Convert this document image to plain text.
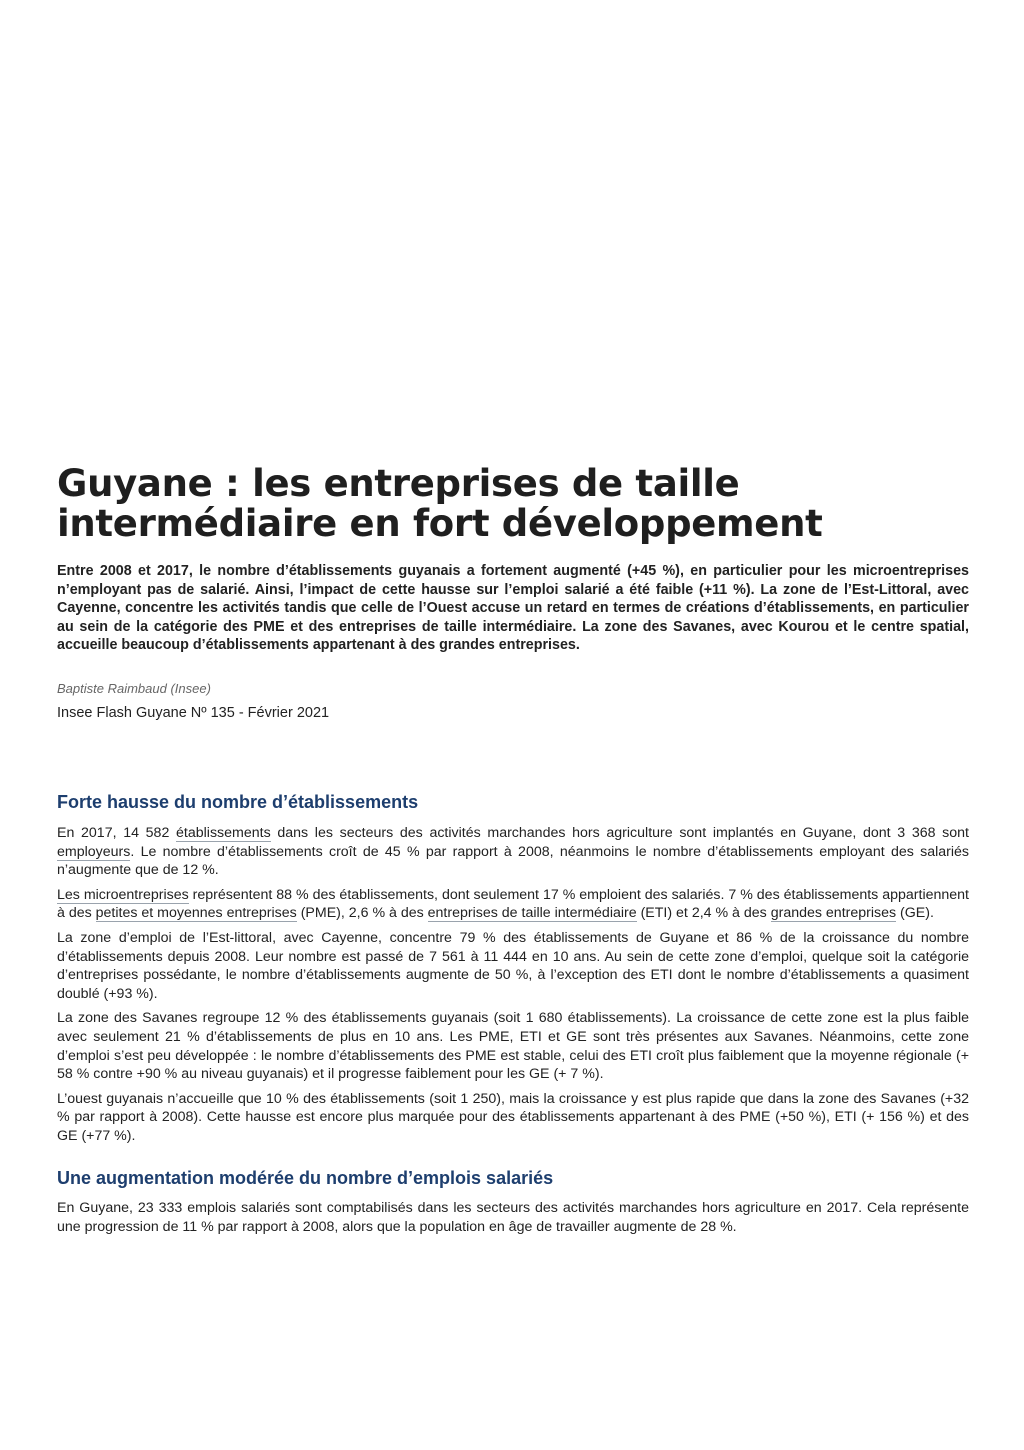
Guyane : les entreprises de taille intermédiaire en fort développement

Entre 2008 et 2017, le nombre d’établissements guyanais a fortement augmenté (+45 %), en particulier pour les microentreprises n’employant pas de salarié. Ainsi, l’impact de cette hausse sur l’emploi salarié a été faible (+11 %). La zone de l’Est-Littoral, avec Cayenne, concentre les activités tandis que celle de l’Ouest accuse un retard en termes de créations d’établissements, en particulier au sein de la catégorie des PME et des entreprises de taille intermédiaire. La zone des Savanes, avec Kourou et le centre spatial, accueille beaucoup d’établissements appartenant à des grandes entreprises.

Baptiste Raimbaud (Insee)
Insee Flash Guyane Nº 135 - Février 2021
Forte hausse du nombre d’établissements

En 2017, 14 582 établissements dans les secteurs des activités marchandes hors agriculture sont implantés en Guyane, dont 3 368 sont employeurs. Le nombre d’établissements croît de 45 % par rapport à 2008, néanmoins le nombre d’établissements employant des salariés n’augmente que de 12 %.

Les microentreprises représentent 88 % des établissements, dont seulement 17 % emploient des salariés. 7 % des établissements appartiennent à des petites et moyennes entreprises (PME), 2,6 % à des entreprises de taille intermédiaire (ETI) et 2,4 % à des grandes entreprises (GE).

La zone d’emploi de l’Est-littoral, avec Cayenne, concentre 79 % des établissements de Guyane et 86 % de la croissance du nombre d’établissements depuis 2008. Leur nombre est passé de 7 561 à 11 444 en 10 ans. Au sein de cette zone d’emploi, quelque soit la catégorie d’entreprises possédante, le nombre d’établissements augmente de 50 %, à l’exception des ETI dont le nombre d’établissements a quasiment doublé (+93 %).

La zone des Savanes regroupe 12 % des établissements guyanais (soit 1 680 établissements). La croissance de cette zone est la plus faible avec seulement 21 % d’établissements de plus en 10 ans. Les PME, ETI et GE sont très présentes aux Savanes. Néanmoins, cette zone d’emploi s’est peu développée : le nombre d’établissements des PME est stable, celui des ETI croît plus faiblement que la moyenne régionale (+ 58 % contre +90 % au niveau guyanais) et il progresse faiblement pour les GE (+ 7 %).

L’ouest guyanais n’accueille que 10 % des établissements (soit 1 250), mais la croissance y est plus rapide que dans la zone des Savanes (+32 % par rapport à 2008). Cette hausse est encore plus marquée pour des établissements appartenant à des PME (+50 %), ETI (+ 156 %) et des GE (+77 %).

Une augmentation modérée du nombre d’emplois salariés

En Guyane, 23 333 emplois salariés sont comptabilisés dans les secteurs des activités marchandes hors agriculture en 2017. Cela représente une progression de 11 % par rapport à 2008, alors que la population en âge de travailler augmente de 28 %.
